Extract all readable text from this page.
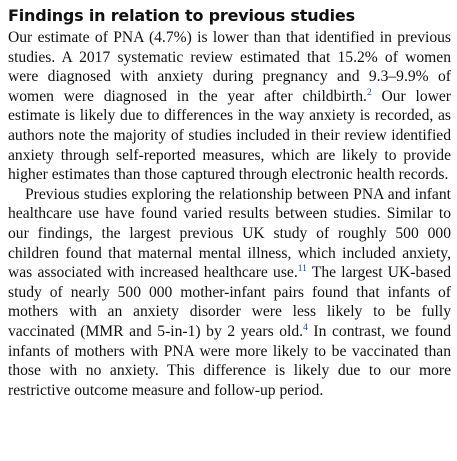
Findings in relation to previous studies

Our estimate of PNA (4.7%) is lower than that identified in previous studies. A 2017 systematic review estimated that 15.2% of women were diagnosed with anxiety during pregnancy and 9.3–9.9% of women were diagnosed in the year after childbirth.$^2$ Our lower estimate is likely due to differences in the way anxiety is recorded, as authors note the majority of studies included in their review identified anxiety through self-reported measures, which are likely to provide higher estimates than those captured through electronic health records.

Previous studies exploring the relationship between PNA and infant healthcare use have found varied results between studies. Similar to our findings, the largest previous UK study of roughly 500 000 children found that maternal mental illness, which included anxiety, was associated with increased healthcare use.$^{11}$ The largest UK-based study of nearly 500 000 mother-infant pairs found that infants of mothers with an anxiety disorder were less likely to be fully vaccinated (MMR and 5-in-1) by 2 years old.$^4$ In contrast, we found infants of mothers with PNA were more likely to be vaccinated than those with no anxiety. This difference is likely due to our more restrictive outcome measure and follow-up period.
